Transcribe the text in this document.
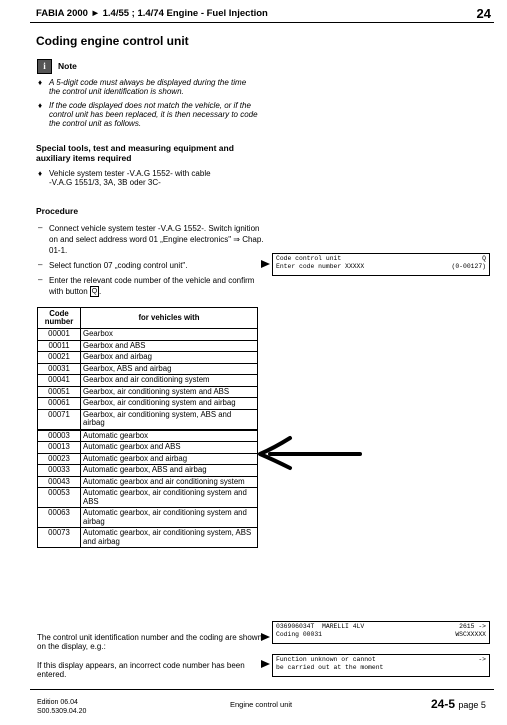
FABIA 2000 ► 1.4/55 ; 1.4/74 Engine - Fuel Injection	24
Coding engine control unit
i	Note
♦ A 5-digit code must always be displayed during the time the control unit identification is shown.
♦ If the code displayed does not match the vehicle, or if the control unit has been replaced, it is then necessary to code the control unit as follows.
Special tools, test and measuring equipment and auxiliary items required
♦ Vehicle system tester -V.A.G 1552- with cable
-V.A.G 1551/3, 3A, 3B oder 3C-
Procedure
– Connect vehicle system tester -V.A.G 1552-. Switch ignition on and select address word 01 „Engine electronics" ⇒ Chap. 01-1.
– Select function 07 „coding control unit".
– Enter the relevant code number of the vehicle and confirm with button Q .
Code control unit	Q
Enter code number XXXXX	(0-00127)
Code number	for vehicles with
00001	Gearbox
00011	Gearbox and ABS
00021	Gearbox and airbag
00031	Gearbox, ABS and airbag
00041	Gearbox and air conditioning system
00051	Gearbox, air conditioning system and ABS
00061	Gearbox, air conditioning system and airbag
00071	Gearbox, air conditioning system, ABS and airbag
00003	Automatic gearbox
00013	Automatic gearbox and ABS
00023	Automatic gearbox and airbag
00033	Automatic gearbox, ABS and airbag
00043	Automatic gearbox and air conditioning system
00053	Automatic gearbox, air conditioning system and ABS
00063	Automatic gearbox, air conditioning system and airbag
00073	Automatic gearbox, air conditioning system, ABS and airbag
The control unit identification number and the coding are shown on the display, e.g.:
036906034T  MARELLI 4LV	2615 ->
Coding 00031	WSCXXXXX
If this display appears, an incorrect code number has been entered.
Function unknown or cannot	->
be carried out at the moment
Edition 06.04
S00.5309.04.20
Engine control unit	24-5 page 5
